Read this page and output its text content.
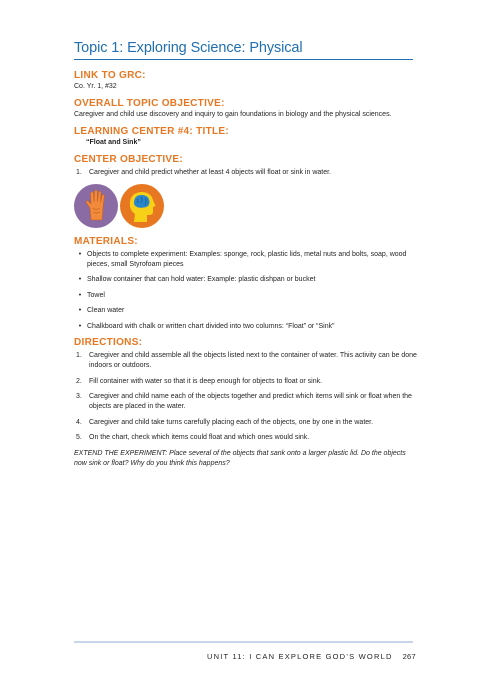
Topic 1: Exploring Science: Physical
LINK TO GRC:

Co. Yr. 1, #32

OVERALL TOPIC OBJECTIVE:

Caregiver and child use discovery and inquiry to gain foundations in biology and the physical sciences.

LEARNING CENTER #4: TITLE:

“Float and Sink”

CENTER OBJECTIVE:
1.	Caregiver and child predict whether at least 4 objects will float or sink in water.
MATERIALS:
• Objects to complete experiment: Examples: sponge, rock, plastic lids, metal nuts and bolts, soap, wood pieces, small Styrofoam pieces
• Shallow container that can hold water: Example: plastic dishpan or bucket
• Towel
• Clean water
• Chalkboard with chalk or written chart divided into two columns: “Float” or “Sink”
DIRECTIONS:
1.	Caregiver and child assemble all the objects listed next to the container of water. This activity can be done indoors or outdoors.
2.	Fill container with water so that it is deep enough for objects to float or sink.
3.	Caregiver and child name each of the objects together and predict which items will sink or float when the objects are placed in the water.
4.	Caregiver and child take turns carefully placing each of the objects, one by one in the water.
5.	On the chart, check which items could float and which ones would sink.

EXTEND THE EXPERIMENT: Place several of the objects that sank onto a larger plastic lid. Do the objects now sink or float? Why do you think this happens?

UNIT 11: I CAN EXPLORE GOD’S WORLD 267
